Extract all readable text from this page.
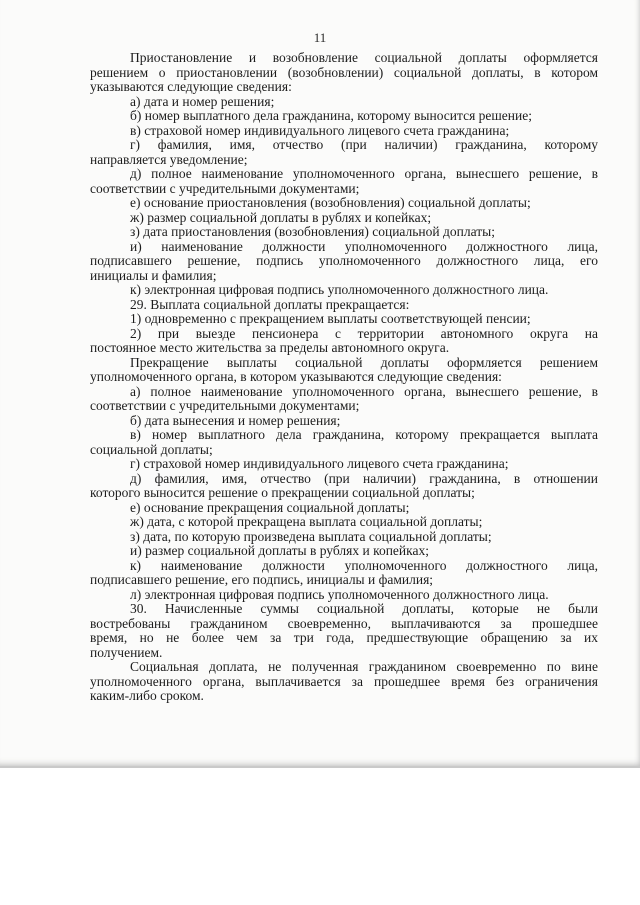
11
Приостановление и возобновление социальной доплаты оформляется
решением о приостановлении (возобновлении) социальной доплаты, в котором
указываются следующие сведения:
а) дата и номер решения;
б) номер выплатного дела гражданина, которому выносится решение;
в) страховой номер индивидуального лицевого счета гражданина;
г) фамилия, имя, отчество (при наличии) гражданина, которому
направляется уведомление;
д) полное наименование уполномоченного органа, вынесшего решение, в
соответствии с учредительными документами;
е) основание приостановления (возобновления) социальной доплаты;
ж) размер социальной доплаты в рублях и копейках;
з) дата приостановления (возобновления) социальной доплаты;
и) наименование должности уполномоченного должностного лица,
подписавшего решение, подпись уполномоченного должностного лица, его
инициалы и фамилия;
к) электронная цифровая подпись уполномоченного должностного лица.
29. Выплата социальной доплаты прекращается:
1) одновременно с прекращением выплаты соответствующей пенсии;
2) при выезде пенсионера с территории автономного округа на
постоянное место жительства за пределы автономного округа.
Прекращение выплаты социальной доплаты оформляется решением
уполномоченного органа, в котором указываются следующие сведения:
а) полное наименование уполномоченного органа, вынесшего решение, в
соответствии с учредительными документами;
б) дата вынесения и номер решения;
в) номер выплатного дела гражданина, которому прекращается выплата
социальной доплаты;
г) страховой номер индивидуального лицевого счета гражданина;
д) фамилия, имя, отчество (при наличии) гражданина, в отношении
которого выносится решение о прекращении социальной доплаты;
е) основание прекращения социальной доплаты;
ж) дата, с которой прекращена выплата социальной доплаты;
з) дата, по которую произведена выплата социальной доплаты;
и) размер социальной доплаты в рублях и копейках;
к) наименование должности уполномоченного должностного лица,
подписавшего решение, его подпись, инициалы и фамилия;
л) электронная цифровая подпись уполномоченного должностного лица.
30. Начисленные суммы социальной доплаты, которые не были
востребованы гражданином своевременно, выплачиваются за прошедшее
время, но не более чем за три года, предшествующие обращению за их
получением.
Социальная доплата, не полученная гражданином своевременно по вине
уполномоченного органа, выплачивается за прошедшее время без ограничения
каким-либо сроком.
